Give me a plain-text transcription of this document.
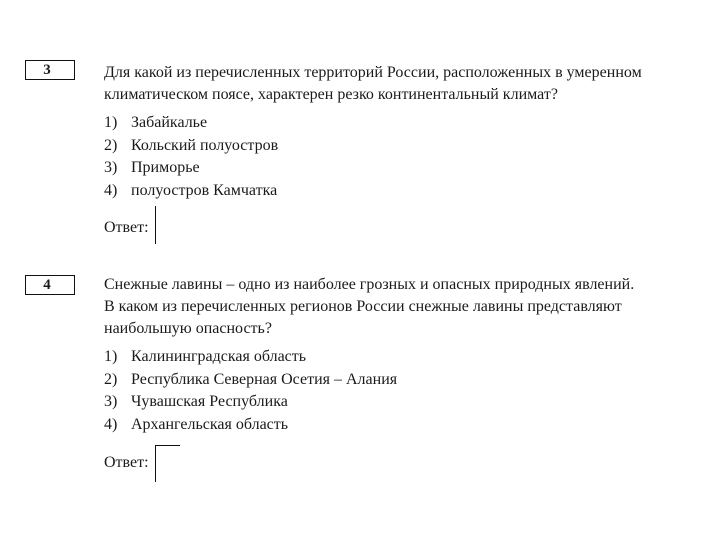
3	Для какой из перечисленных территорий России, расположенных в умеренном
климатическом поясе, характерен резко континентальный климат?

1) Забайкалье
2) Кольский полуостров
3) Приморье
4) полуостров Камчатка
Ответ:
4	Снежные лавины – одно из наиболее грозных и опасных природных явлений.
В каком из перечисленных регионов России снежные лавины представляют
наибольшую опасность?

1) Калининградская область
2) Республика Северная Осетия – Алания
3) Чувашская Республика
4) Архангельская область
Ответ:
